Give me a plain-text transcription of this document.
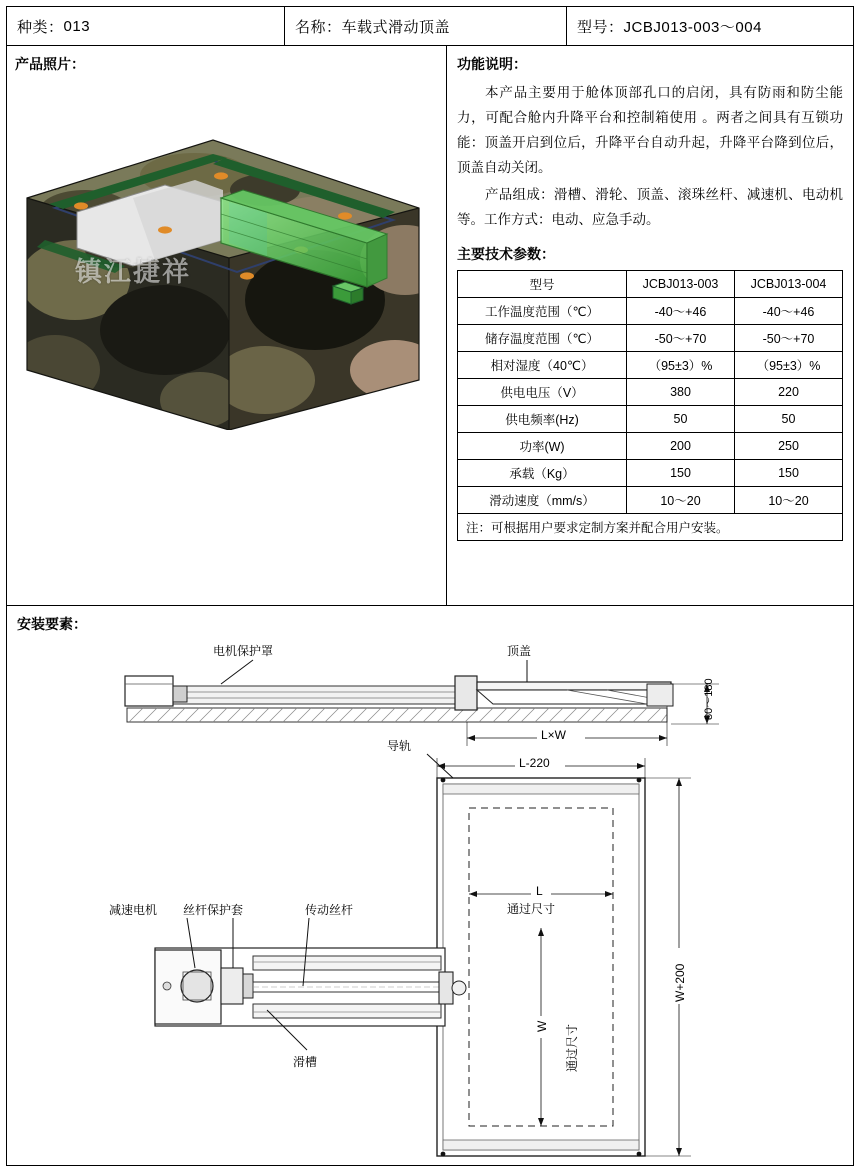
种类： 013	名称： 车载式滑动顶盖	型号： JCBJ013-003～004
产品照片：
镇江捷祥
功能说明：

本产品主要用于舱体顶部孔口的启闭，具有防雨和防尘能力，可配合舱内升降平台和控制箱使用 。两者之间具有互锁功能：顶盖开启到位后，升降平台自动升起，升降平台降到位后，顶盖自动关闭。

产品组成：滑槽、滑轮、顶盖、滚珠丝杆、减速机、电动机等。工作方式：电动、应急手动。

主要技术参数：
型号	JCBJ013-003	JCBJ013-004
工作温度范围（℃）	-40～+46	-40～+46
储存温度范围（℃）	-50～+70	-50～+70
相对湿度（40℃）	（95±3）%	（95±3）%
供电电压（V）	380	220
供电频率(Hz)	50	50
功率(W)	200	250
承载（Kg）	150	150
滑动速度（mm/s）	10～20	10～20
注：可根据用户要求定制方案并配合用户安装。		
安装要素：
电机保护罩	顶盖
L×W
80～180
导轨
L-220
L
通过尺寸
W 通过尺寸
W+200
减速电机 丝杆保护套	传动丝杆
滑槽
